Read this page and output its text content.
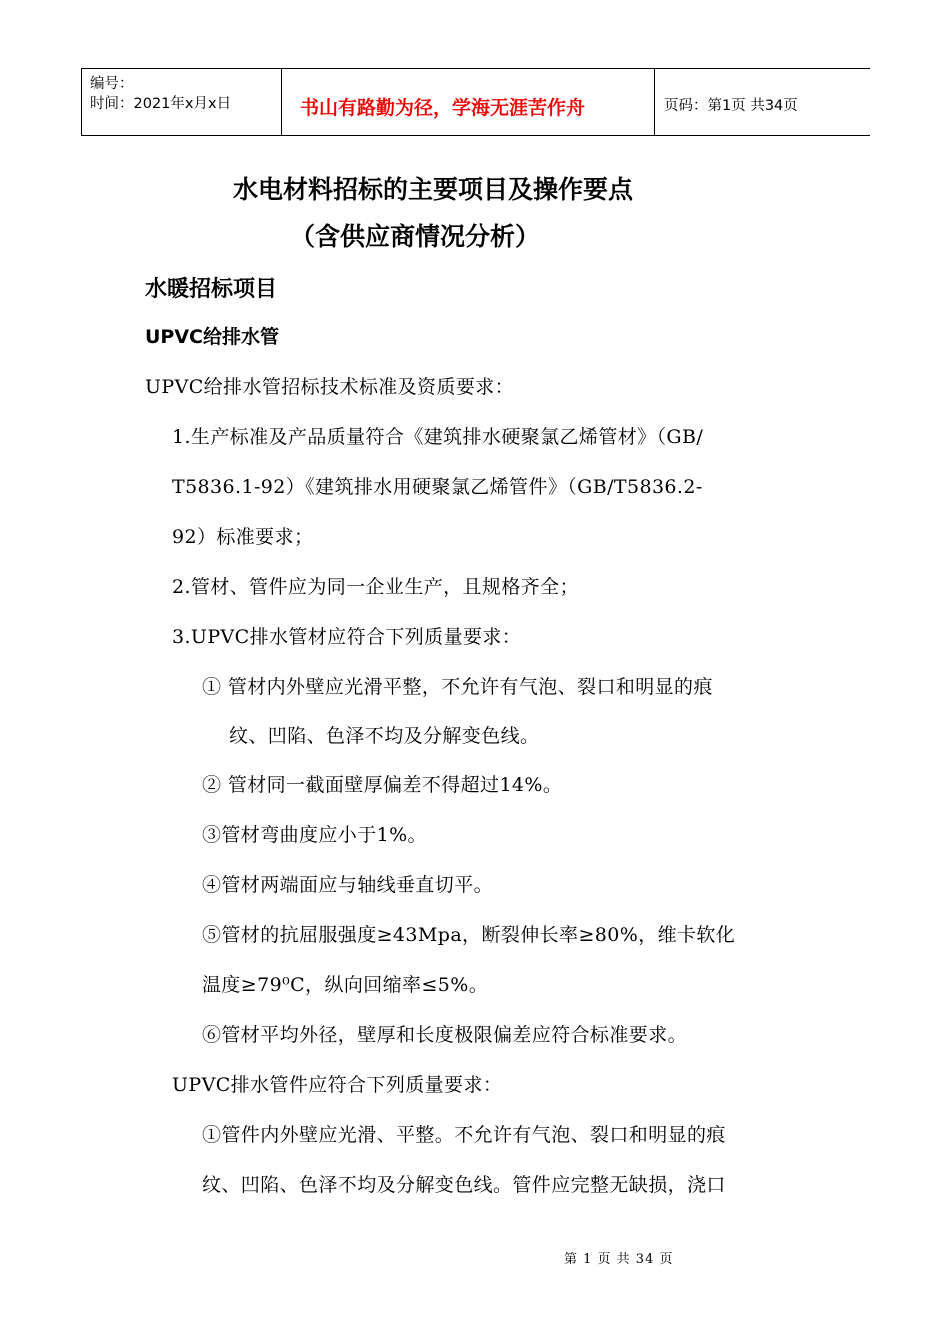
编号：
时间：2021年x月x日	书山有路勤为径，学海无涯苦作舟	页码：第1页 共34页
水电材料招标的主要项目及操作要点
（含供应商情况分析）
水暖招标项目
UPVC给排水管
UPVC给排水管招标技术标准及资质要求：
1.生产标准及产品质量符合《建筑排水硬聚氯乙烯管材》（GB/
T5836.1-92）《建筑排水用硬聚氯乙烯管件》（GB/T5836.2-
92）标准要求；
2.管材、管件应为同一企业生产，且规格齐全；
3.UPVC排水管材应符合下列质量要求：
① 管材内外壁应光滑平整，不允许有气泡、裂口和明显的痕
纹、凹陷、色泽不均及分解变色线。
② 管材同一截面壁厚偏差不得超过14%。
③管材弯曲度应小于1%。
④管材两端面应与轴线垂直切平。
⑤管材的抗屈服强度≥43Mpa，断裂伸长率≥80%，维卡软化
温度≥79⁰C，纵向回缩率≤5%。
⑥管材平均外径，壁厚和长度极限偏差应符合标准要求。
UPVC排水管件应符合下列质量要求：
①管件内外壁应光滑、平整。不允许有气泡、裂口和明显的痕
纹、凹陷、色泽不均及分解变色线。管件应完整无缺损，浇口
第 1 页 共 34 页
